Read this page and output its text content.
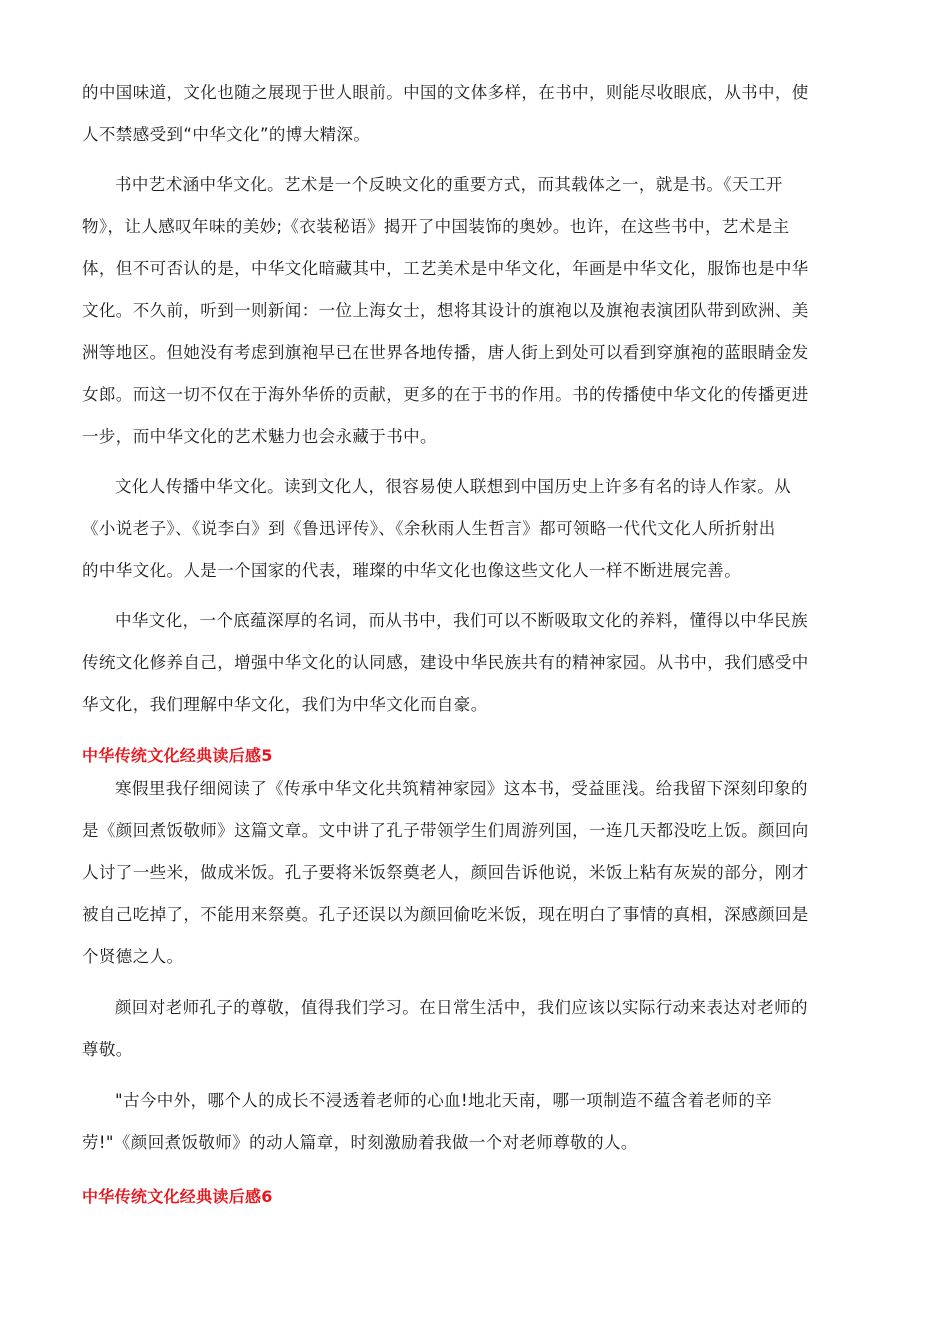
的中国味道，文化也随之展现于世人眼前。中国的文体多样，在书中，则能尽收眼底，从书中，使
人不禁感受到“中华文化”的博大精深。
书中艺术涵中华文化。艺术是一个反映文化的重要方式，而其载体之一，就是书。《天工开
物》，让人感叹年味的美妙;《衣装秘语》揭开了中国装饰的奥妙。也许，在这些书中，艺术是主
体，但不可否认的是，中华文化暗藏其中，工艺美术是中华文化，年画是中华文化，服饰也是中华
文化。不久前，听到一则新闻：一位上海女士，想将其设计的旗袍以及旗袍表演团队带到欧洲、美
洲等地区。但她没有考虑到旗袍早已在世界各地传播，唐人街上到处可以看到穿旗袍的蓝眼睛金发
女郎。而这一切不仅在于海外华侨的贡献，更多的在于书的作用。书的传播使中华文化的传播更进
一步，而中华文化的艺术魅力也会永藏于书中。
文化人传播中华文化。读到文化人，很容易使人联想到中国历史上许多有名的诗人作家。从
《小说老子》、《说李白》到《鲁迅评传》、《余秋雨人生哲言》都可领略一代代文化人所折射出
的中华文化。人是一个国家的代表，璀璨的中华文化也像这些文化人一样不断进展完善。
中华文化，一个底蕴深厚的名词，而从书中，我们可以不断吸取文化的养料，懂得以中华民族
传统文化修养自己，增强中华文化的认同感，建设中华民族共有的精神家园。从书中，我们感受中
华文化，我们理解中华文化，我们为中华文化而自豪。
中华传统文化经典读后感5
寒假里我仔细阅读了《传承中华文化共筑精神家园》这本书，受益匪浅。给我留下深刻印象的
是《颜回煮饭敬师》这篇文章。文中讲了孔子带领学生们周游列国，一连几天都没吃上饭。颜回向
人讨了一些米，做成米饭。孔子要将米饭祭奠老人，颜回告诉他说，米饭上粘有灰炭的部分，刚才
被自己吃掉了，不能用来祭奠。孔子还误以为颜回偷吃米饭，现在明白了事情的真相，深感颜回是
个贤德之人。
颜回对老师孔子的尊敬，值得我们学习。在日常生活中，我们应该以实际行动来表达对老师的
尊敬。
"古今中外，哪个人的成长不浸透着老师的心血!地北天南，哪一项制造不蕴含着老师的辛
劳!"《颜回煮饭敬师》的动人篇章，时刻激励着我做一个对老师尊敬的人。
中华传统文化经典读后感6
